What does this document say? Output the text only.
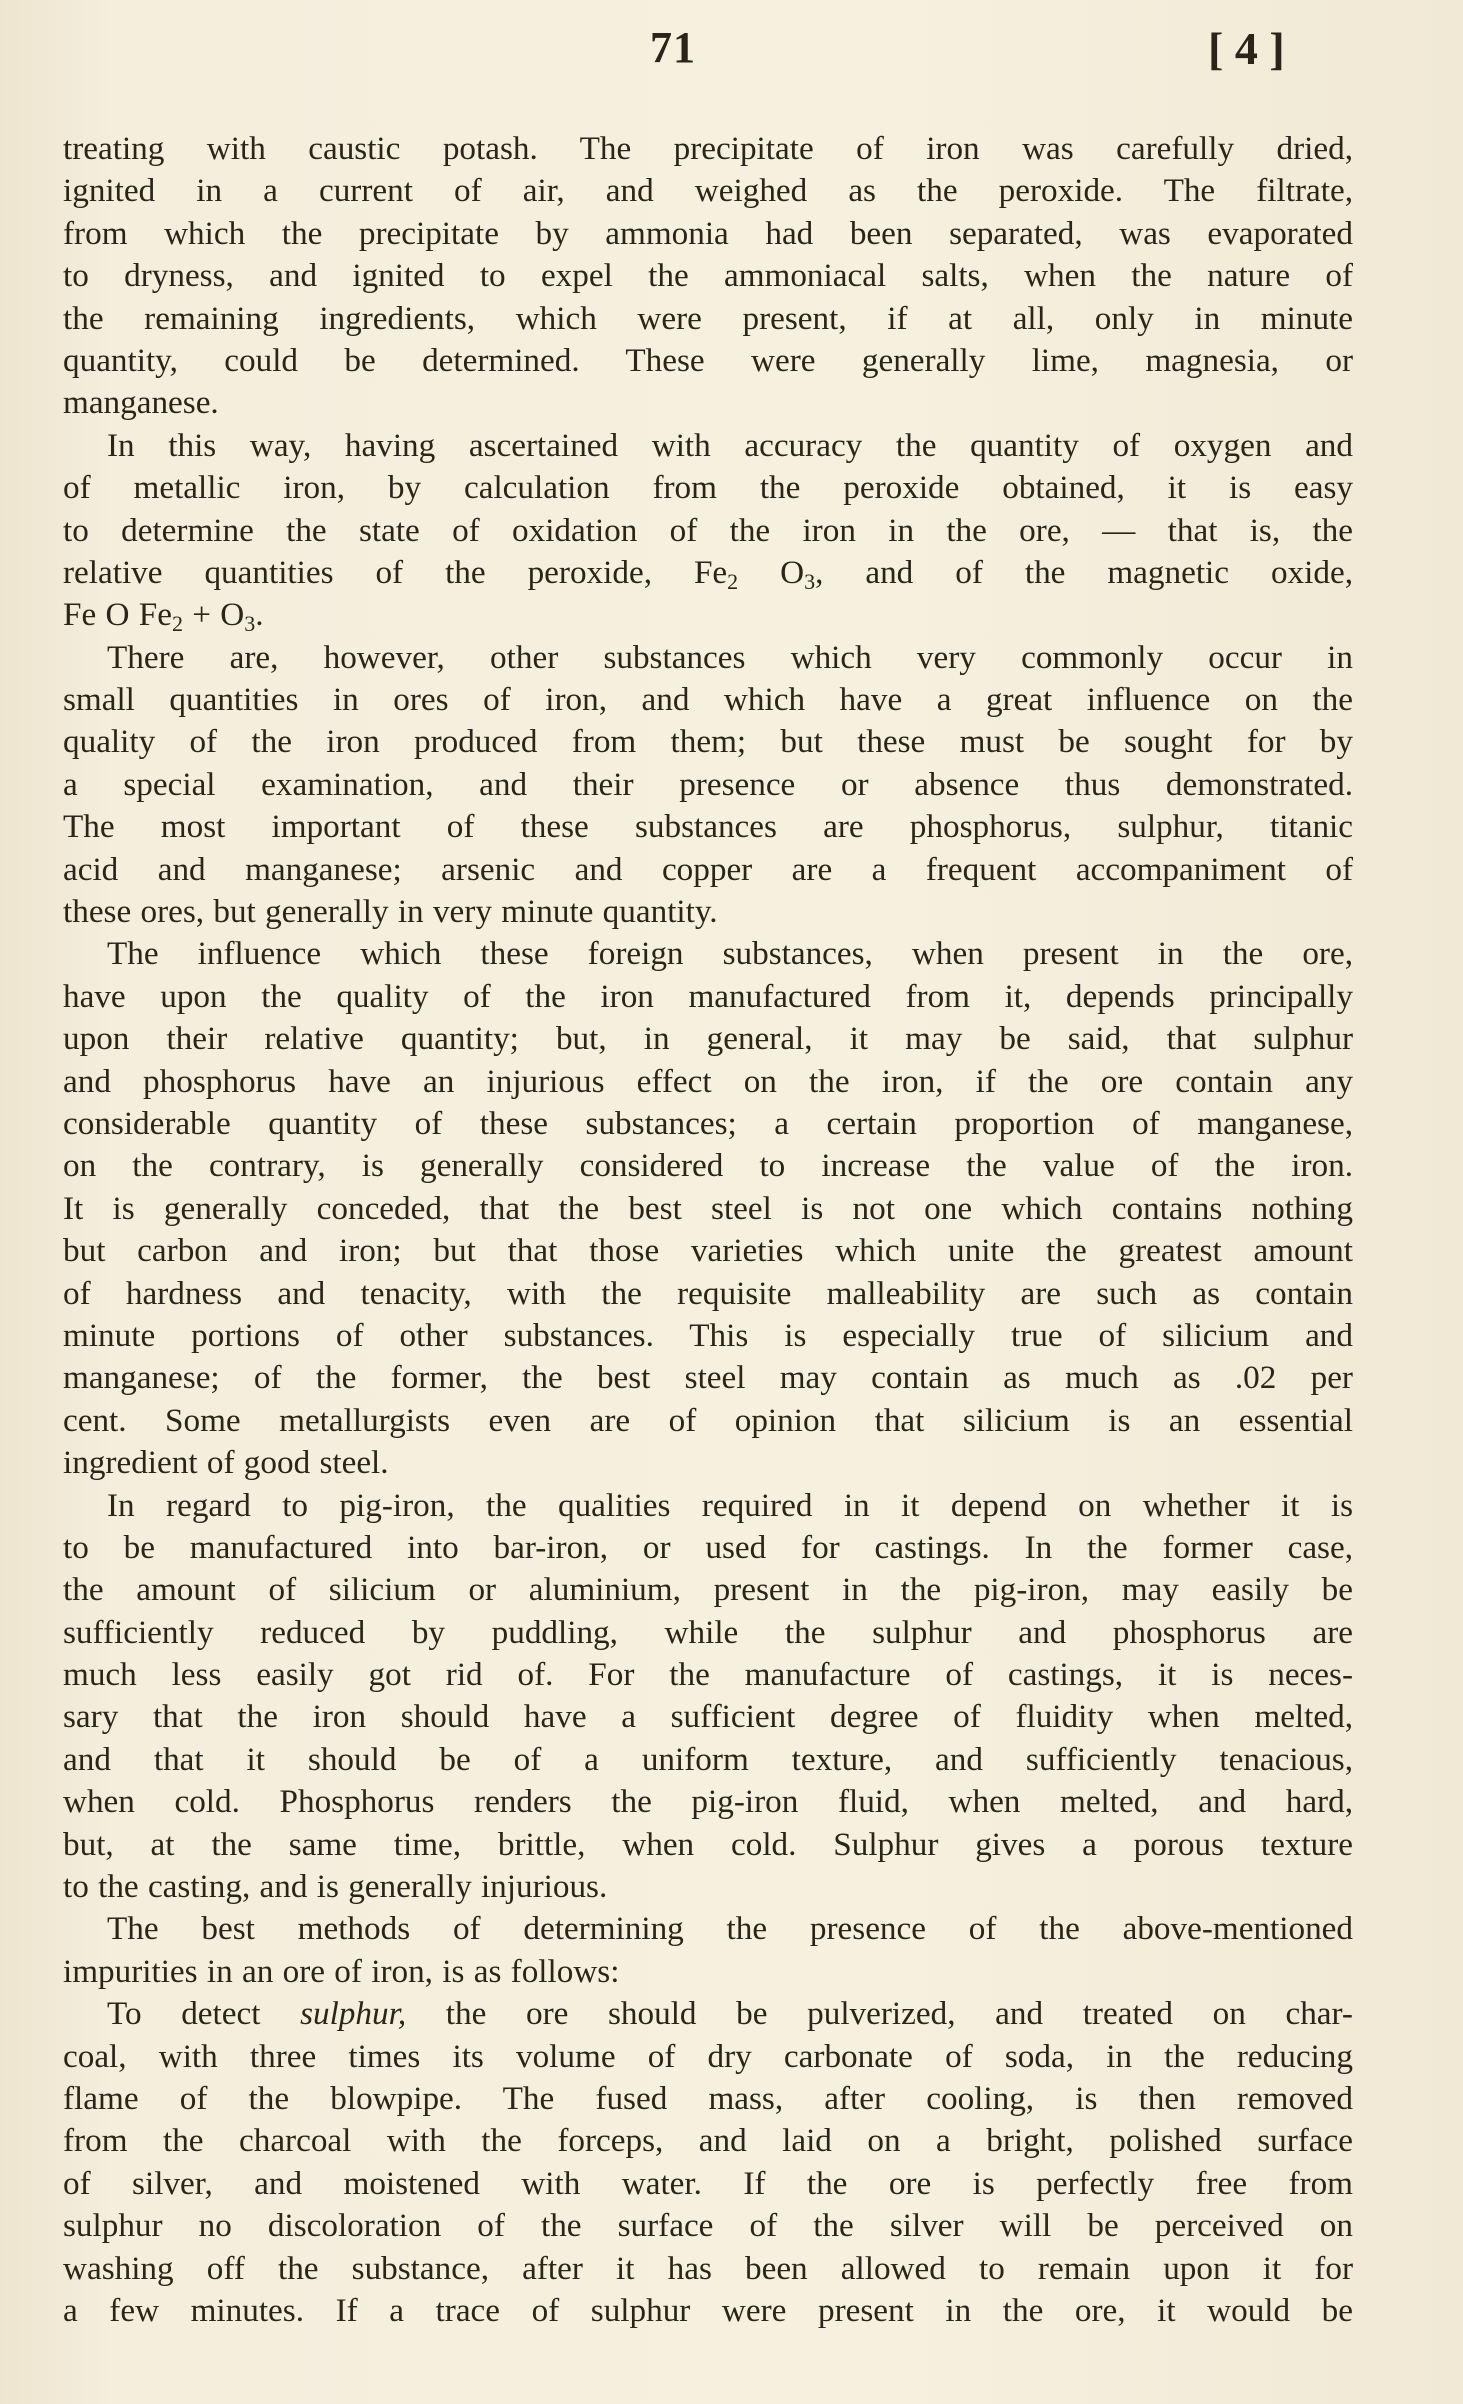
71	[ 4 ]
treating with caustic potash. The precipitate of iron was carefully dried,
ignited in a current of air, and weighed as the peroxide. The filtrate,
from which the precipitate by ammonia had been separated, was evaporated
to dryness, and ignited to expel the ammoniacal salts, when the nature of
the remaining ingredients, which were present, if at all, only in minute
quantity, could be determined. These were generally lime, magnesia, or
manganese.
In this way, having ascertained with accuracy the quantity of oxygen and
of metallic iron, by calculation from the peroxide obtained, it is easy
to determine the state of oxidation of the iron in the ore, — that is, the
relative quantities of the peroxide, $Fe_2$ $O_3$, and of the magnetic oxide,
Fe O $Fe_2 + O_3$.
There are, however, other substances which very commonly occur in
small quantities in ores of iron, and which have a great influence on the
quality of the iron produced from them; but these must be sought for by
a special examination, and their presence or absence thus demonstrated.
The most important of these substances are phosphorus, sulphur, titanic
acid and manganese; arsenic and copper are a frequent accompaniment of
these ores, but generally in very minute quantity.
The influence which these foreign substances, when present in the ore,
have upon the quality of the iron manufactured from it, depends principally
upon their relative quantity; but, in general, it may be said, that sulphur
and phosphorus have an injurious effect on the iron, if the ore contain any
considerable quantity of these substances; a certain proportion of manganese,
on the contrary, is generally considered to increase the value of the iron.
It is generally conceded, that the best steel is not one which contains nothing
but carbon and iron; but that those varieties which unite the greatest amount
of hardness and tenacity, with the requisite malleability are such as contain
minute portions of other substances. This is especially true of silicium and
manganese; of the former, the best steel may contain as much as .02 per
cent. Some metallurgists even are of opinion that silicium is an essential
ingredient of good steel.
In regard to pig-iron, the qualities required in it depend on whether it is
to be manufactured into bar-iron, or used for castings. In the former case,
the amount of silicium or aluminium, present in the pig-iron, may easily be
sufficiently reduced by puddling, while the sulphur and phosphorus are
much less easily got rid of. For the manufacture of castings, it is neces-
sary that the iron should have a sufficient degree of fluidity when melted,
and that it should be of a uniform texture, and sufficiently tenacious,
when cold. Phosphorus renders the pig-iron fluid, when melted, and hard,
but, at the same time, brittle, when cold. Sulphur gives a porous texture
to the casting, and is generally injurious.
The best methods of determining the presence of the above-mentioned
impurities in an ore of iron, is as follows:
To detect sulphur, the ore should be pulverized, and treated on char-
coal, with three times its volume of dry carbonate of soda, in the reducing
flame of the blowpipe. The fused mass, after cooling, is then removed
from the charcoal with the forceps, and laid on a bright, polished surface
of silver, and moistened with water. If the ore is perfectly free from
sulphur no discoloration of the surface of the silver will be perceived on
washing off the substance, after it has been allowed to remain upon it for
a few minutes. If a trace of sulphur were present in the ore, it would be
